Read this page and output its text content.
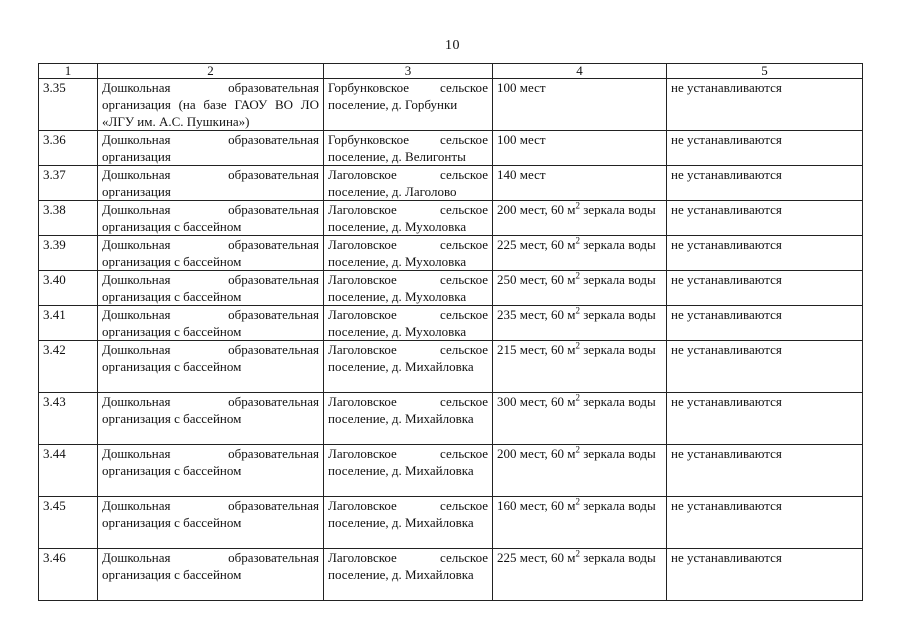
10
1	2	3	4	5
3.35	Дошкольная образовательная организация (на базе ГАОУ ВО ЛО «ЛГУ им. А.С. Пушкина»)	Горбунковское сельское поселение, д. Горбунки	100 мест	не устанавливаются
3.36	Дошкольная образовательная организация	Горбунковское сельское поселение, д. Велигонты	100 мест	не устанавливаются
3.37	Дошкольная образовательная организация	Лаголовское сельское поселение, д. Лаголово	140 мест	не устанавливаются
3.38	Дошкольная образовательная организация с бассейном	Лаголовское сельское поселение, д. Мухоловка	200 мест, 60 $м^2$ зеркала воды	не устанавливаются
3.39	Дошкольная образовательная организация с бассейном	Лаголовское сельское поселение, д. Мухоловка	225 мест, 60 $м^2$ зеркала воды	не устанавливаются
3.40	Дошкольная образовательная организация с бассейном	Лаголовское сельское поселение, д. Мухоловка	250 мест, 60 $м^2$ зеркала воды	не устанавливаются
3.41	Дошкольная образовательная организация с бассейном	Лаголовское сельское поселение, д. Мухоловка	235 мест, 60 $м^2$ зеркала воды	не устанавливаются
3.42	Дошкольная образовательная организация с бассейном	Лаголовское сельское поселение, д. Михайловка	215 мест, 60 $м^2$ зеркала воды	не устанавливаются
3.43	Дошкольная образовательная организация с бассейном	Лаголовское сельское поселение, д. Михайловка	300 мест, 60 $м^2$ зеркала воды	не устанавливаются
3.44	Дошкольная образовательная организация с бассейном	Лаголовское сельское поселение, д. Михайловка	200 мест, 60 $м^2$ зеркала воды	не устанавливаются
3.45	Дошкольная образовательная организация с бассейном	Лаголовское сельское поселение, д. Михайловка	160 мест, 60 $м^2$ зеркала воды	не устанавливаются
3.46	Дошкольная образовательная организация с бассейном	Лаголовское сельское поселение, д. Михайловка	225 мест, 60 $м^2$ зеркала воды	не устанавливаются
